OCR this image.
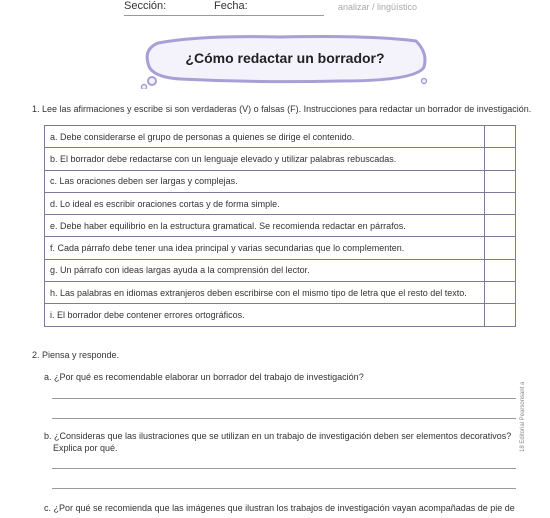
Sección:	Fecha:	analizar / lingüístico
¿Cómo redactar un borrador?
1. Lee las afirmaciones y escribe si son verdaderas (V) o falsas (F). Instrucciones para redactar un borrador de investigación.
a. Debe considerarse el grupo de personas a quienes se dirige el contenido.	
b. El borrador debe redactarse con un lenguaje elevado y utilizar palabras rebuscadas.	
c. Las oraciones deben ser largas y complejas.	
d. Lo ideal es escribir oraciones cortas y de forma simple.	
e. Debe haber equilibrio en la estructura gramatical. Se recomienda redactar en párrafos.	
f. Cada párrafo debe tener una idea principal y varias secundarias que lo complementen.	
g. Un párrafo con ideas largas ayuda a la comprensión del lector.	
h. Las palabras en idiomas extranjeros deben escribirse con el mismo tipo de letra que el resto del texto.	
i. El borrador debe contener errores ortográficos.	
2. Piensa y responde.
a. ¿Por qué es recomendable elaborar un borrador del trabajo de investigación?
b. ¿Consideras que las ilustraciones que se utilizan en un trabajo de investigación deben ser elementos decorativos?
Explica por qué.
c. ¿Por qué se recomienda que las imágenes que ilustran los trabajos de investigación vayan acompañadas de pie de
18 Editorial Pearsonsant a
